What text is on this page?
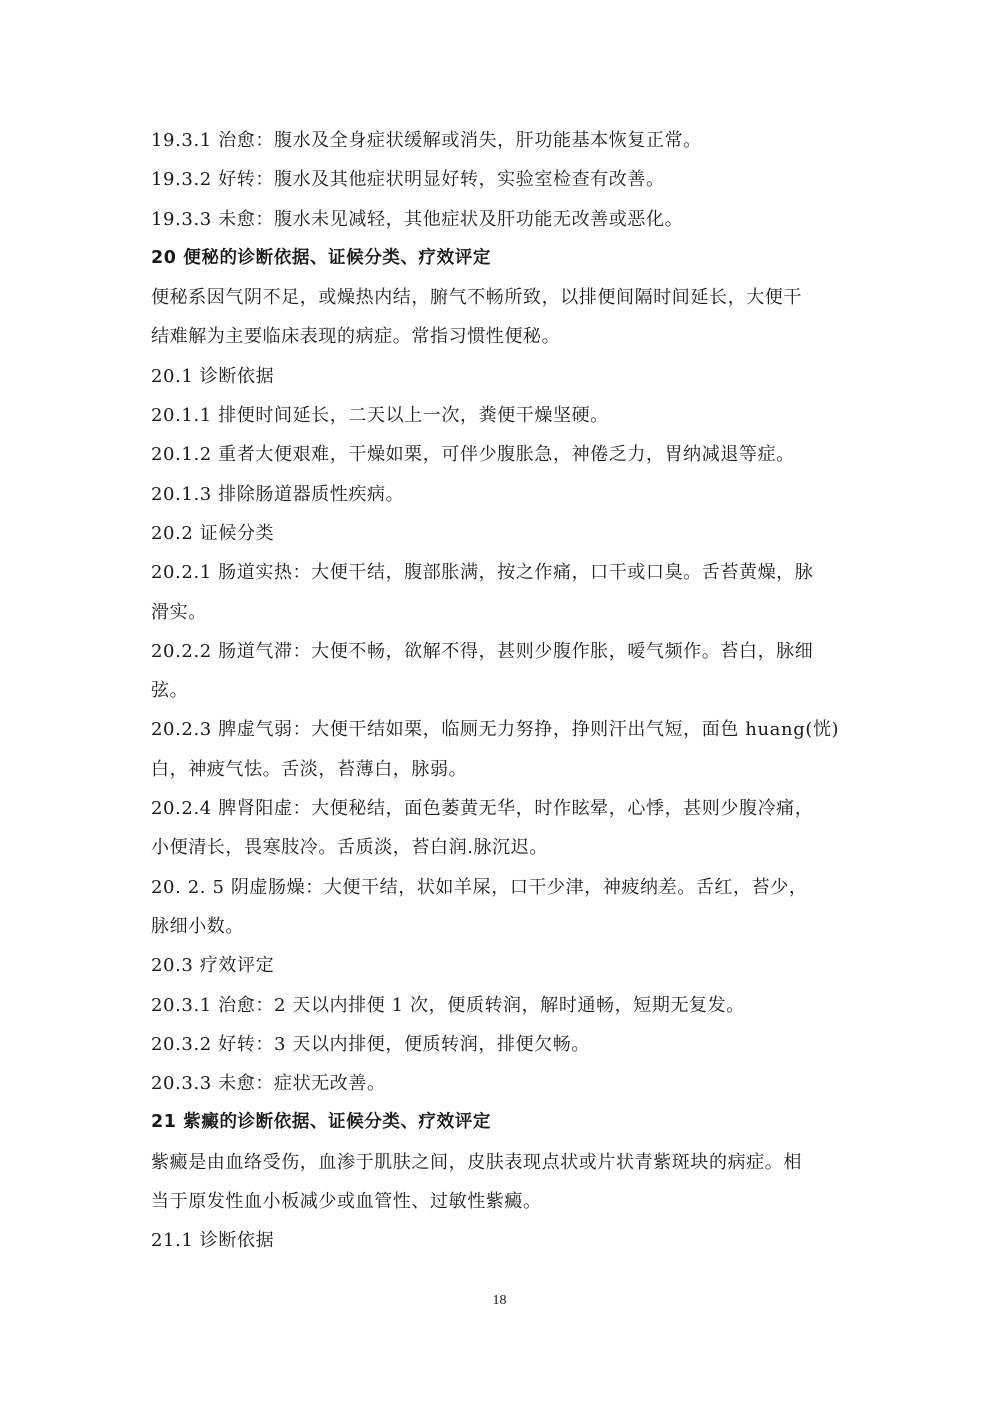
19.3.1 治愈：腹水及全身症状缓解或消失，肝功能基本恢复正常。
19.3.2 好转：腹水及其他症状明显好转，实验室检查有改善。
19.3.3 未愈：腹水未见减轻，其他症状及肝功能无改善或恶化。
20 便秘的诊断依据、证候分类、疗效评定
便秘系因气阴不足，或燥热内结，腑气不畅所致，以排便间隔时间延长，大便干
结难解为主要临床表现的病症。常指习惯性便秘。
20.1 诊断依据
20.1.1 排便时间延长，二天以上一次，粪便干燥坚硬。
20.1.2 重者大便艰难，干燥如栗，可伴少腹胀急，神倦乏力，胃纳减退等症。
20.1.3 排除肠道器质性疾病。
20.2 证候分类
20.2.1 肠道实热：大便干结，腹部胀满，按之作痛，口干或口臭。舌苔黄燥，脉
滑实。
20.2.2 肠道气滞：大便不畅，欲解不得，甚则少腹作胀，嗳气频作。苔白，脉细
弦。
20.2.3 脾虚气弱：大便干结如栗，临厕无力努挣，挣则汗出气短，面色 huang(恍)
白，神疲气怯。舌淡，苔薄白，脉弱。
20.2.4 脾肾阳虚：大便秘结，面色萎黄无华，时作眩晕，心悸，甚则少腹冷痛，
小便清长，畏寒肢冷。舌质淡，苔白润.脉沉迟。
20. 2. 5 阴虚肠燥：大便干结，状如羊屎，口干少津，神疲纳差。舌红，苔少，
脉细小数。
20.3 疗效评定
20.3.1 治愈：2 天以内排便 1 次，便质转润，解时通畅，短期无复发。
20.3.2 好转：3 天以内排便，便质转润，排便欠畅。
20.3.3 未愈：症状无改善。
21 紫癜的诊断依据、证候分类、疗效评定
紫癜是由血络受伤，血渗于肌肤之间，皮肤表现点状或片状青紫斑块的病症。相
当于原发性血小板减少或血管性、过敏性紫癜。
21.1 诊断依据
18
